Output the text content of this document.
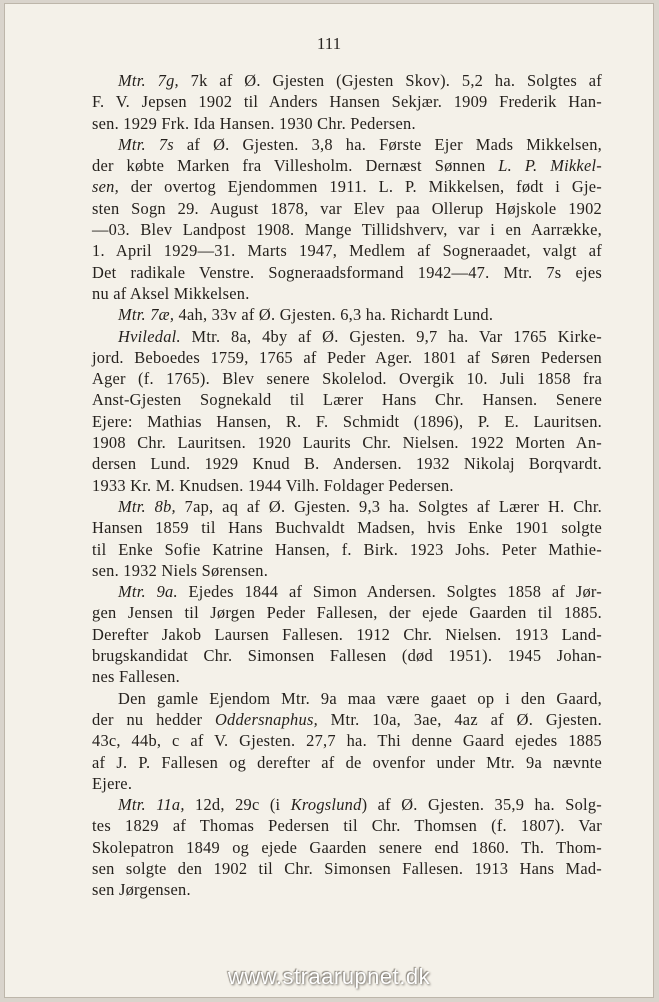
111
Mtr. 7g, 7k af Ø. Gjesten (Gjesten Skov). 5,2 ha. Solgtes af
F. V. Jepsen 1902 til Anders Hansen Sekjær. 1909 Frederik Han-
sen. 1929 Frk. Ida Hansen. 1930 Chr. Pedersen.
Mtr. 7s af Ø. Gjesten. 3,8 ha. Første Ejer Mads Mikkelsen,
der købte Marken fra Villesholm. Dernæst Sønnen L. P. Mikkel-
sen, der overtog Ejendommen 1911. L. P. Mikkelsen, født i Gje-
sten Sogn 29. August 1878, var Elev paa Ollerup Højskole 1902
—03. Blev Landpost 1908. Mange Tillidshverv, var i en Aarrække,
1. April 1929—31. Marts 1947, Medlem af Sogneraadet, valgt af
Det radikale Venstre. Sogneraadsformand 1942—47. Mtr. 7s ejes
nu af Aksel Mikkelsen.
Mtr. 7æ, 4ah, 33v af Ø. Gjesten. 6,3 ha. Richardt Lund.
Hviledal. Mtr. 8a, 4by af Ø. Gjesten. 9,7 ha. Var 1765 Kirke-
jord. Beboedes 1759, 1765 af Peder Ager. 1801 af Søren Pedersen
Ager (f. 1765). Blev senere Skolelod. Overgik 10. Juli 1858 fra
Anst-Gjesten Sognekald til Lærer Hans Chr. Hansen. Senere
Ejere: Mathias Hansen, R. F. Schmidt (1896), P. E. Lauritsen.
1908 Chr. Lauritsen. 1920 Laurits Chr. Nielsen. 1922 Morten An-
dersen Lund. 1929 Knud B. Andersen. 1932 Nikolaj Borqvardt.
1933 Kr. M. Knudsen. 1944 Vilh. Foldager Pedersen.
Mtr. 8b, 7ap, aq af Ø. Gjesten. 9,3 ha. Solgtes af Lærer H. Chr.
Hansen 1859 til Hans Buchvaldt Madsen, hvis Enke 1901 solgte
til Enke Sofie Katrine Hansen, f. Birk. 1923 Johs. Peter Mathie-
sen. 1932 Niels Sørensen.
Mtr. 9a. Ejedes 1844 af Simon Andersen. Solgtes 1858 af Jør-
gen Jensen til Jørgen Peder Fallesen, der ejede Gaarden til 1885.
Derefter Jakob Laursen Fallesen. 1912 Chr. Nielsen. 1913 Land-
brugskandidat Chr. Simonsen Fallesen (død 1951). 1945 Johan-
nes Fallesen.
Den gamle Ejendom Mtr. 9a maa være gaaet op i den Gaard,
der nu hedder Oddersnaphus, Mtr. 10a, 3ae, 4az af Ø. Gjesten.
43c, 44b, c af V. Gjesten. 27,7 ha. Thi denne Gaard ejedes 1885
af J. P. Fallesen og derefter af de ovenfor under Mtr. 9a nævnte
Ejere.
Mtr. 11a, 12d, 29c (i Krogslund) af Ø. Gjesten. 35,9 ha. Solg-
tes 1829 af Thomas Pedersen til Chr. Thomsen (f. 1807). Var
Skolepatron 1849 og ejede Gaarden senere end 1860. Th. Thom-
sen solgte den 1902 til Chr. Simonsen Fallesen. 1913 Hans Mad-
sen Jørgensen.
www.straarupnet.dk
